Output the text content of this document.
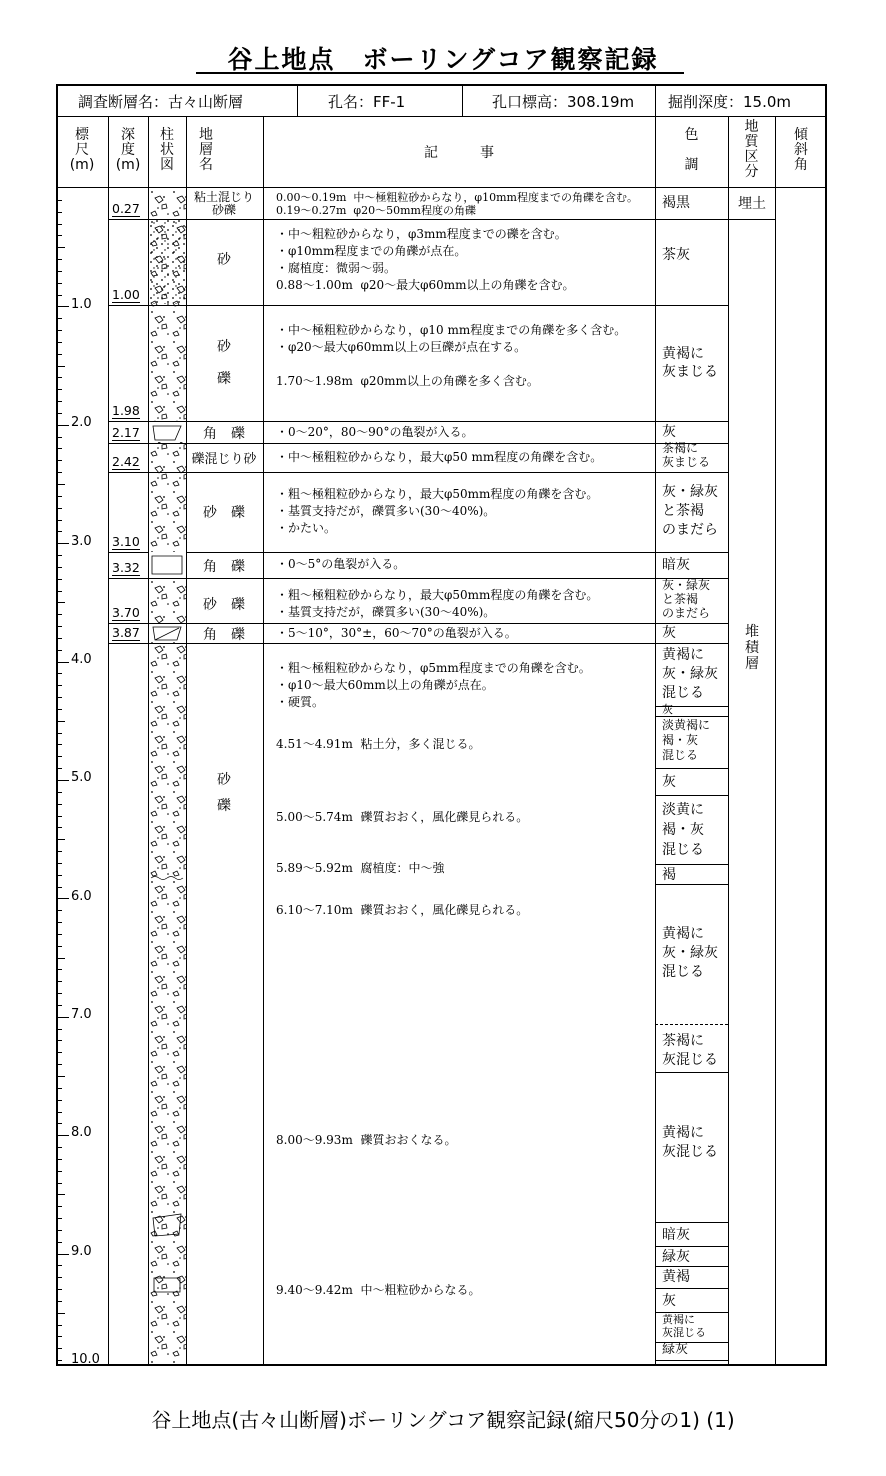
谷上地点　ボーリングコア観察記録
調査断層名：古々山断層	孔名：FF-1	孔口標高：308.19m 掘削深度：15.0m
標
尺
(m)
深
度
(m)
柱
状
図
地
層
名
記　　　事
色

調
地
質
区
分
傾
斜
角
1.0
2.0
3.0
4.0
5.0
6.0
7.0
8.0
9.0
10.0
0.27
1.00
1.98
2.17
2.42
3.10
3.32
3.70
3.87
粘土混じり
砂礫
砂
砂

礫
角　礫
礫混じり砂
砂　礫
角　礫
砂　礫
角　礫
砂

礫
0.00～0.19m  中～極粗粒砂からなり，φ10mm程度までの角礫を含む。
0.19～0.27m  φ20～50mm程度の角礫
・中～粗粒砂からなり，φ3mm程度までの礫を含む。
・φ10mm程度までの角礫が点在。
・腐植度：微弱～弱。
0.88～1.00m  φ20～最大φ60mm以上の角礫を含む。
・中～極粗粒砂からなり，φ10 mm程度までの角礫を多く含む。
・φ20～最大φ60mm以上の巨礫が点在する。

1.70～1.98m  φ20mm以上の角礫を多く含む。
・0～20°，80～90°の亀裂が入る。
・中～極粗粒砂からなり，最大φ50 mm程度の角礫を含む。
・粗～極粗粒砂からなり，最大φ50mm程度の角礫を含む。
・基質支持だが，礫質多い(30～40%)。
・かたい。
・0～5°の亀裂が入る。
・粗～極粗粒砂からなり，最大φ50mm程度の角礫を含む。
・基質支持だが，礫質多い(30～40%)。
・5～10°，30°±，60～70°の亀裂が入る。
・粗～極粗粒砂からなり，φ5mm程度までの角礫を含む。
・φ10～最大60mm以上の角礫が点在。
・硬質。
4.51～4.91m  粘土分，多く混じる。
5.00～5.74m  礫質おおく，風化礫見られる。
5.89～5.92m  腐植度：中～強
6.10～7.10m  礫質おおく，風化礫見られる。
8.00～9.93m  礫質おおくなる。
9.40～9.42m  中～粗粒砂からなる。
褐黒
茶灰
黄褐に
灰まじる
灰
茶褐に
灰まじる
灰・緑灰
と茶褐
のまだら
暗灰
灰・緑灰
と茶褐
のまだら
灰
黄褐に
灰・緑灰
混じる
灰
淡黄褐に
褐・灰
混じる
灰
淡黄に
褐・灰
混じる
褐
黄褐に
灰・緑灰
混じる
茶褐に
灰混じる
黄褐に
灰混じる
暗灰
緑灰
黄褐
灰
黄褐に
灰混じる
緑灰
埋土
堆
積
層
谷上地点(古々山断層)ボーリングコア観察記録(縮尺50分の1) (1)
